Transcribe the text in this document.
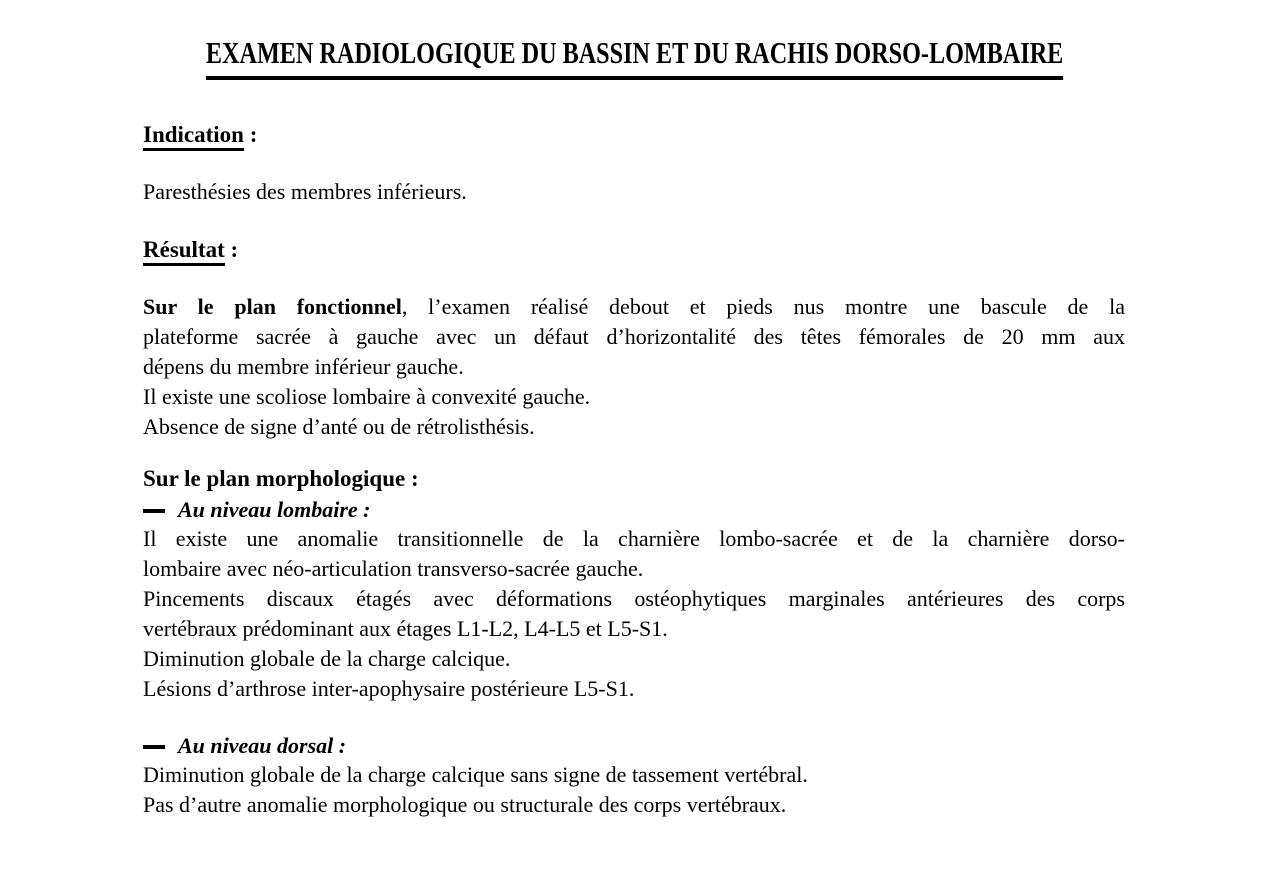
EXAMEN RADIOLOGIQUE DU BASSIN ET DU RACHIS DORSO-LOMBAIRE
Indication :
Paresthésies des membres inférieurs.
Résultat :
Sur le plan fonctionnel, l’examen réalisé debout et pieds nus montre une bascule de la
plateforme sacrée à gauche avec un défaut d’horizontalité des têtes fémorales de 20 mm aux
dépens du membre inférieur gauche.
Il existe une scoliose lombaire à convexité gauche.
Absence de signe d’anté ou de rétrolisthésis.
Sur le plan morphologique :
Au niveau lombaire :
Il existe une anomalie transitionnelle de la charnière lombo-sacrée et de la charnière dorso-
lombaire avec néo-articulation transverso-sacrée gauche.
Pincements discaux étagés avec déformations ostéophytiques marginales antérieures des corps
vertébraux prédominant aux étages L1-L2, L4-L5 et L5-S1.
Diminution globale de la charge calcique.
Lésions d’arthrose inter-apophysaire postérieure L5-S1.
Au niveau dorsal :
Diminution globale de la charge calcique sans signe de tassement vertébral.
Pas d’autre anomalie morphologique ou structurale des corps vertébraux.
